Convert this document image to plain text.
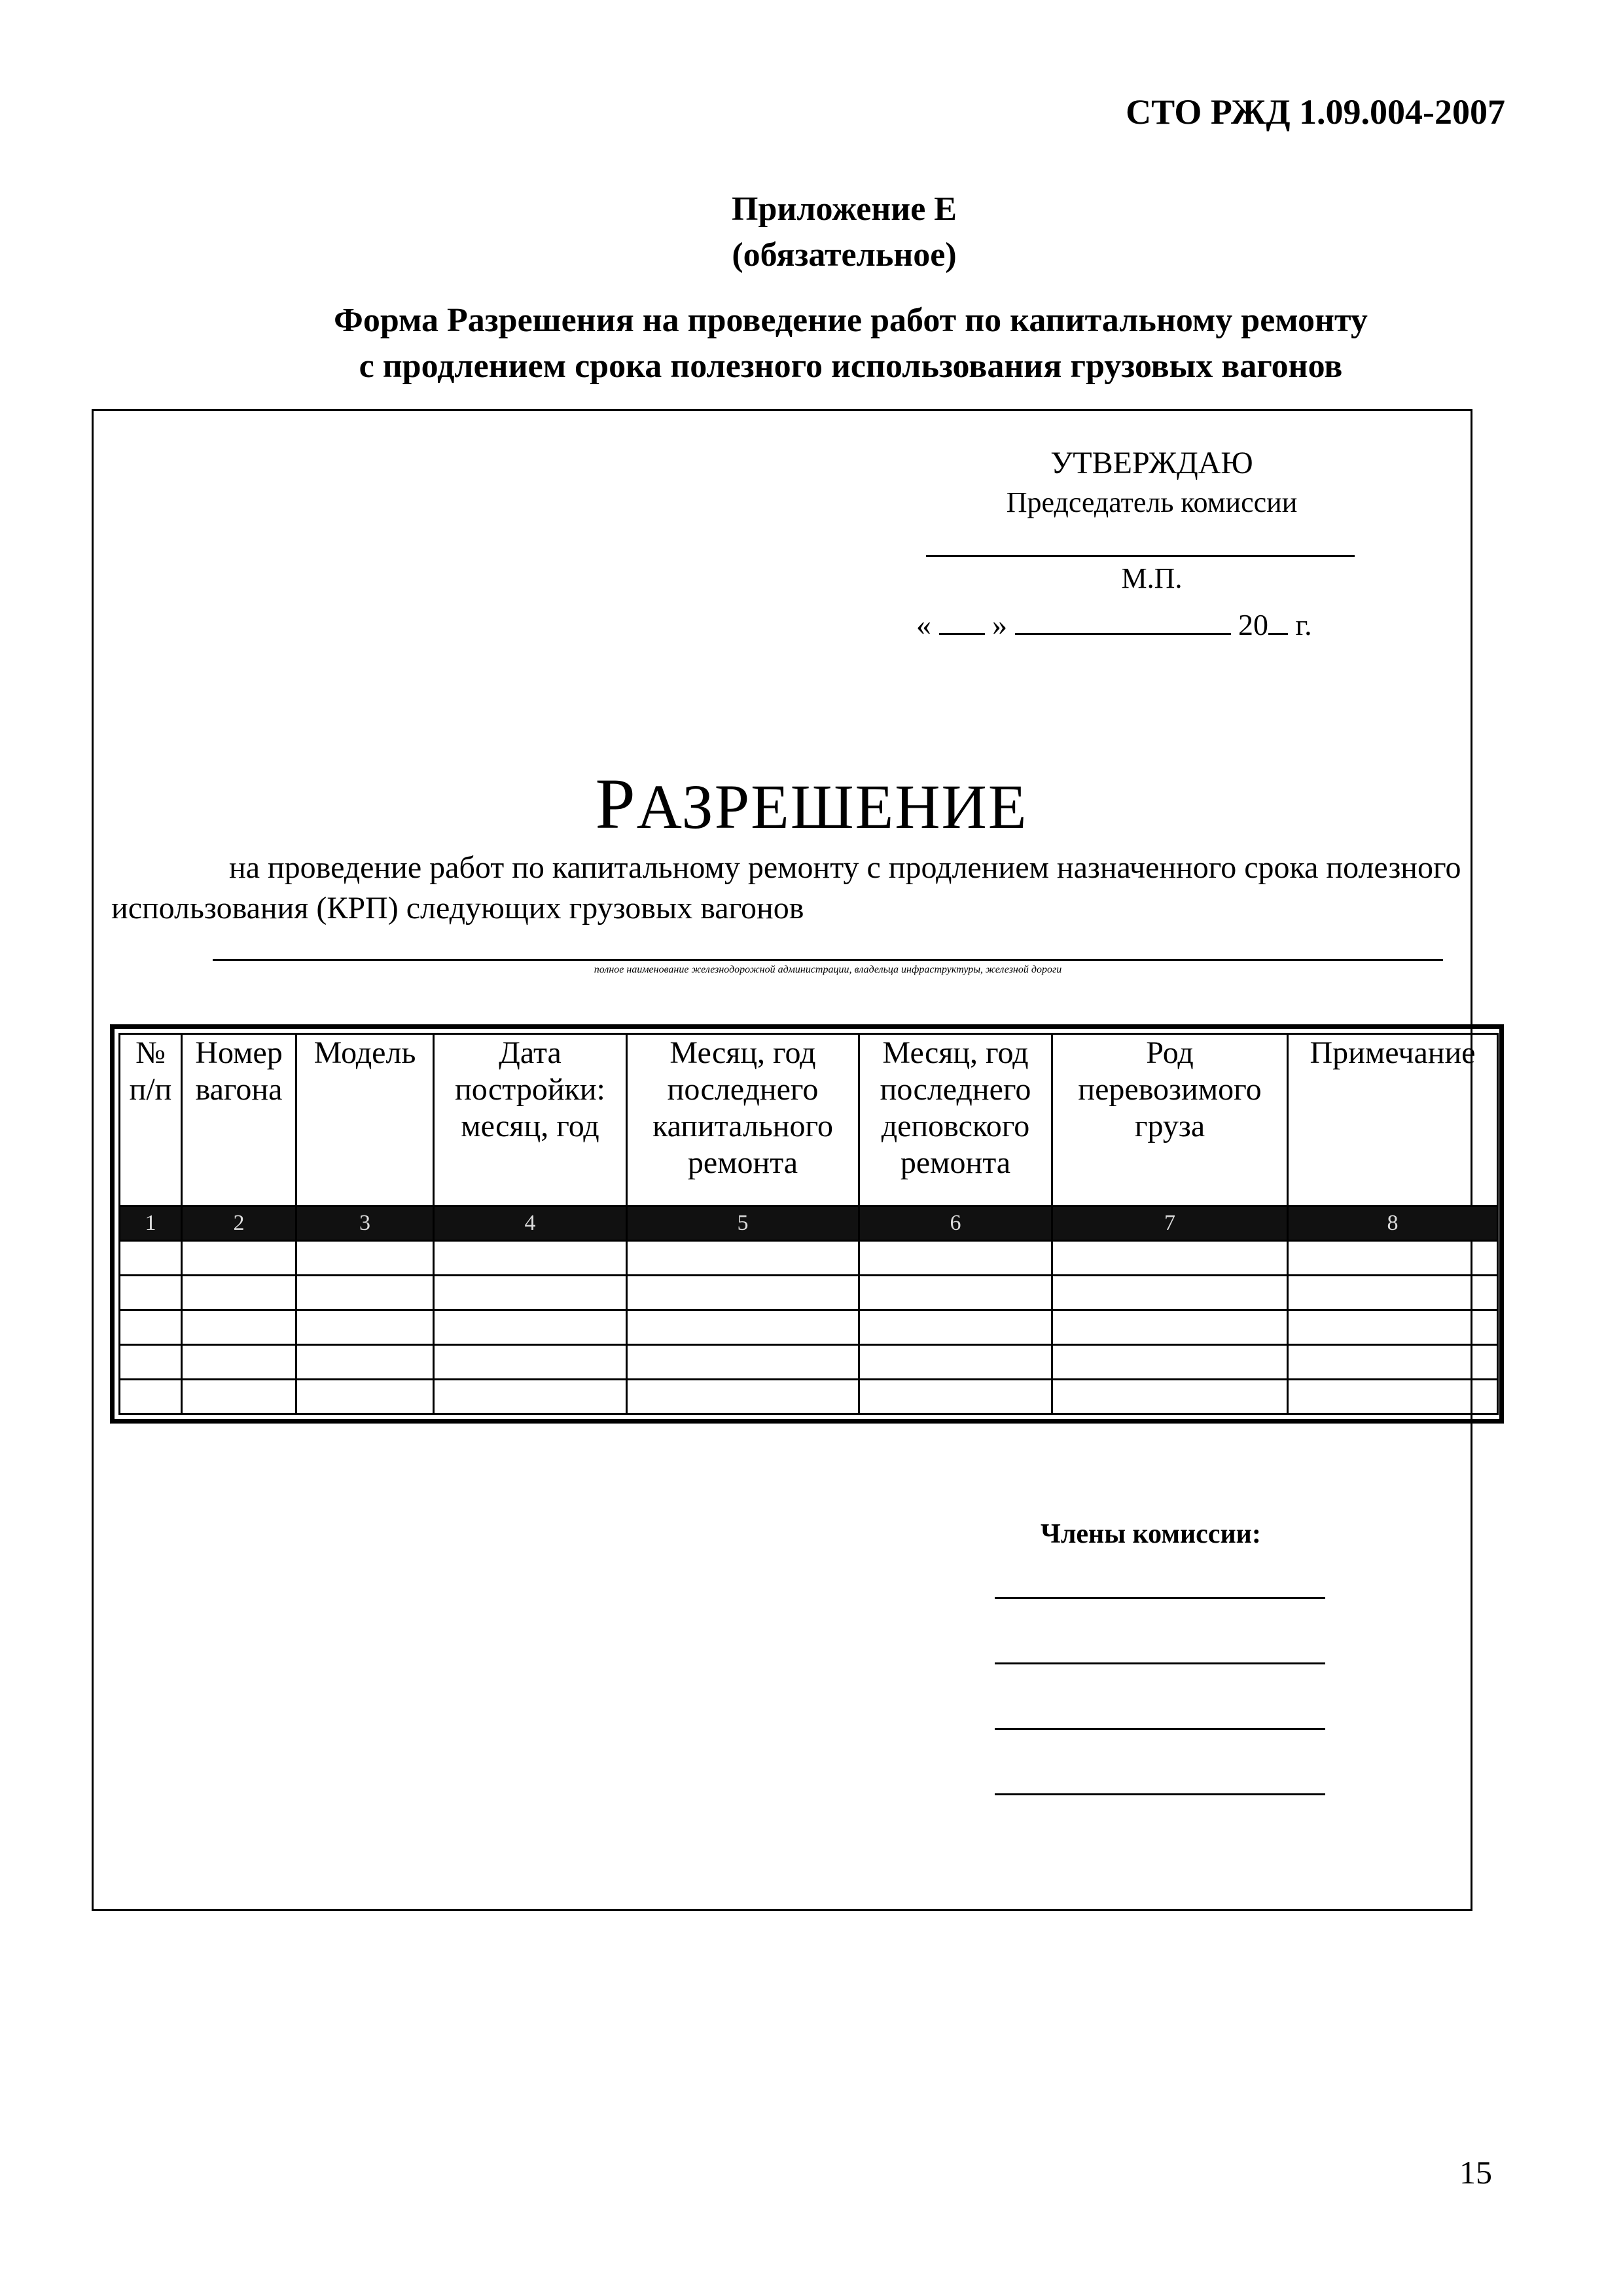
СТО РЖД 1.09.004-2007
Приложение Е
(обязательное)
Форма Разрешения на проведение работ по капитальному ремонту
с продлением срока полезного использования грузовых вагонов
УТВЕРЖДАЮ
Председатель комиссии
М.П.
« »	20 г.
РАЗРЕШЕНИЕ
на проведение работ по капитальному ремонту с продлением назначенного срока полезного использования (КРП) следующих грузовых вагонов
полное наименование железнодорожной администрации, владельца инфраструктуры, железной дороги
№ п/п	Номер вагона	Модель	Дата постройки: месяц, год	Месяц, год последнего капитального ремонта	Месяц, год последнего деповского ремонта	Род перевозимого груза	Примечание
1	2	3	4	5	6	7	8

Члены комиссии:
15
